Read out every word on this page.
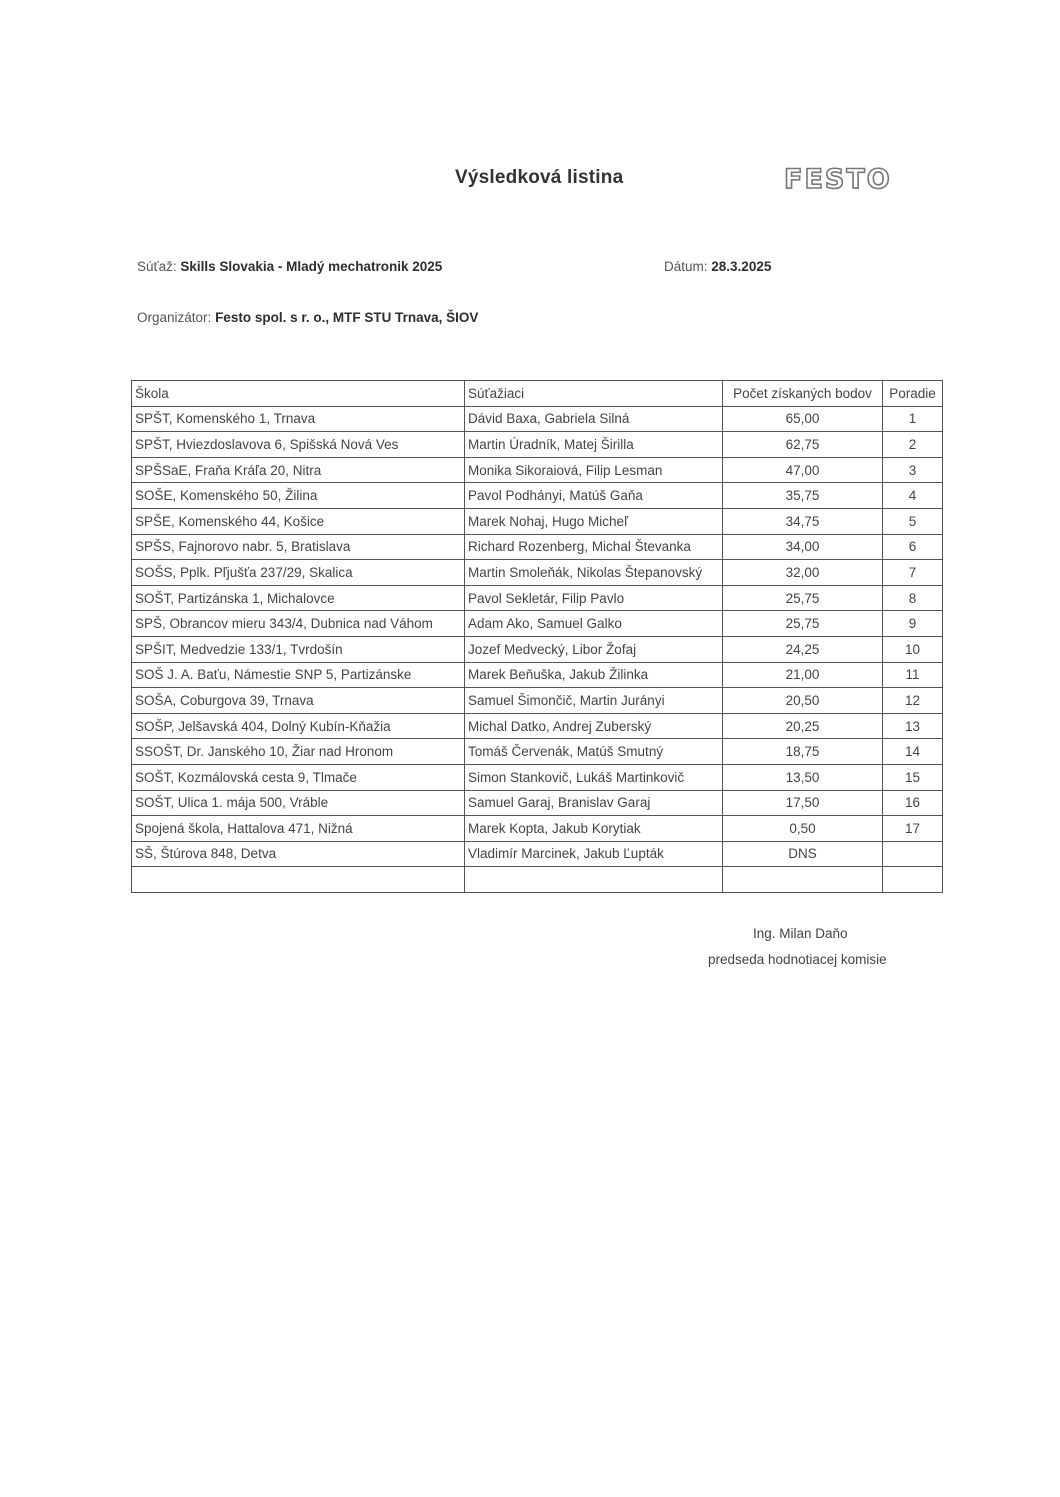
Výsledková listina	FESTO
Súťaž: Skills Slovakia - Mladý mechatronik 2025	Dátum: 28.3.2025
Organizátor: Festo spol. s r. o., MTF STU Trnava, ŠIOV
Škola	Súťažiaci	Počet získaných bodov	Poradie
SPŠT, Komenského 1, Trnava	Dávid Baxa, Gabriela Silná	65,00	1
SPŠT, Hviezdoslavova 6, Spišská Nová Ves	Martin Úradník, Matej Širilla	62,75	2
SPŠSaE, Fraňa Kráľa 20, Nitra	Monika Sikoraiová, Filip Lesman	47,00	3
SOŠE, Komenského 50, Žilina	Pavol Podhányi, Matúš Gaňa	35,75	4
SPŠE, Komenského 44, Košice	Marek Nohaj, Hugo Micheľ	34,75	5
SPŠS, Fajnorovo nabr. 5, Bratislava	Richard Rozenberg, Michal Števanka	34,00	6
SOŠS, Pplk. Pľjušťa 237/29, Skalica	Martin Smoleňák, Nikolas Štepanovský	32,00	7
SOŠT, Partizánska 1, Michalovce	Pavol Sekletár, Filip Pavlo	25,75	8
SPŠ, Obrancov mieru 343/4, Dubnica nad Váhom	Adam Ako, Samuel Galko	25,75	9
SPŠIT, Medvedzie 133/1, Tvrdošín	Jozef Medvecký, Libor Žofaj	24,25	10
SOŠ J. A. Baťu, Námestie SNP 5, Partizánske	Marek Beňuška, Jakub Žilinka	21,00	11
SOŠA, Coburgova 39, Trnava	Samuel Šimončič, Martin Jurányi	20,50	12
SOŠP, Jelšavská 404, Dolný Kubín-Kňažia	Michal Datko, Andrej Zuberský	20,25	13
SSOŠT, Dr. Janského 10, Žiar nad Hronom	Tomáš Červenák, Matúš Smutný	18,75	14
SOŠT, Kozmálovská cesta 9, Tlmače	Simon Stankovič, Lukáš Martinkovič	13,50	15
SOŠT, Ulica 1. mája 500, Vráble	Samuel Garaj, Branislav Garaj	17,50	16
Spojená škola, Hattalova 471, Nižná	Marek Kopta, Jakub Korytiak	0,50	17
SŠ, Štúrova 848, Detva	Vladimír Marcinek, Jakub Ľupták	DNS	

Ing. Milan Daňo
predseda hodnotiacej komisie
